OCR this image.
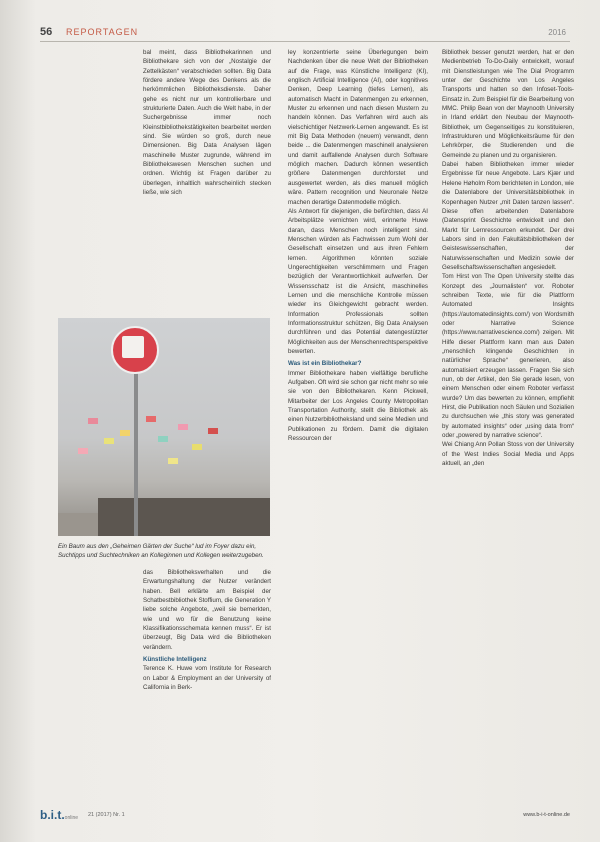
56 REPORTAGEN	2016

bal meint, dass Bibliothekarinnen und Bibliothekare sich von der „Nostalgie der Zettelkästen“ verabschieden sollten. Big Data fördere andere Wege des Denkens als die herkömmlichen Bibliotheksdienste. Daher gehe es nicht nur um kontrollierbare und strukturierte Daten. Auch die Welt habe, in der Suchergebnisse immer noch Kleinstbibliothekstätigkeiten bearbeitet werden sind. Sie würden so groß, durch neue Dimensionen. Big Data Analysen lägen maschinelle Muster zugrunde, während im Bibliothekswesen Menschen suchen und ordnen. Wichtig ist Fragen darüber zu überlegen, inhaltlich wahrscheinlich stecken ließe, wie sich

Ein Baum aus den „Geheimen Gärten der Suche“ lud im Foyer dazu ein, Suchtipps und Suchtechniken an Kolleginnen und Kollegen weiterzugeben.

das Bibliotheksverhalten und die Erwartungshaltung der Nutzer verändert haben. Bell erklärte am Beispiel der Schatbestbibliothek Stoffium, die Generation Y liebe solche Angebote, „weil sie bemerkten, wie und wo für die Benutzung keine Klassifikationsschemata kennen muss“. Er ist überzeugt, Big Data wird die Bibliotheken verändern.

Künstliche Intelligenz

Terence K. Huwe vom Institute for Research on Labor & Employment an der University of California in Berk-

ley konzentrierte seine Überlegungen beim Nachdenken über die neue Welt der Bibliotheken auf die Frage, was Künstliche Intelligenz (KI), englisch Artificial Intelligence (AI), oder kognitives Denken, Deep Learning (tiefes Lernen), als automatisch Macht in Datenmengen zu erkennen, Muster zu erkennen und nach diesen Mustern zu handeln können. Das Verfahren wird auch als vielschichtiger Netzwerk-Lernen angewandt. Es ist mit Big Data Methoden (neuem) verwandt, denn beide ... die Datenmengen maschinell analysieren und damit auffallende Analysen durch Software möglich machen. Dadurch können wesentlich größere Datenmengen durchforstet und ausgewertet werden, als dies manuell möglich wäre. Pattern recognition und Neuronale Netze machen derartige Datenmodelle möglich.

Als Antwort für diejenigen, die befürchten, dass AI Arbeitsplätze vernichten wird, erinnerte Huwe daran, dass Menschen noch intelligent sind. Menschen würden als Fachwissen zum Wohl der Gesellschaft einsetzen und aus ihren Fehlern lernen. Algorithmen könnten soziale Ungerechtigkeiten verschlimmern und Fragen bezüglich der Verantwortlichkeit aufwerfen. Der Wissensschatz ist die Ansicht, maschinelles Lernen und die menschliche Kontrolle müssen wieder ins Gleichgewicht gebracht werden. Information Professionals sollten Informationsstruktur schützen, Big Data Analysen durchführen und das Potential datengestützter Möglichkeiten aus der Menschenrechtsperspektive bewerten.

Was ist ein Bibliothekar?

Immer Bibliothekare haben vielfältige berufliche Aufgaben. Oft wird sie schon gar nicht mehr so wie sie von den Bibliothekaren. Kenn Pickwell, Mitarbeiter der Los Angeles County Metropolitan Transportation Authority, stellt die Bibliothek als einen Nutzerbibliotheksland und seine Medien und Publikationen zu fördern. Damit die digitalen Ressourcen der

Bibliothek besser genutzt werden, hat er den Medienbetrieb To-Do-Daily entwickelt, worauf mit Dienstleistungen wie The Dial Programm unter der Geschichte von Los Angeles Transports und hatten so den Infoset-Tools-Einsatz in. Zum Beispiel für die Bearbeitung von MMC. Philip Bean von der Maynooth University in Irland erklärt den Neubau der Maynooth-Bibliothek, um Gegenseitiges zu konstituieren, Infrastrukturen und Möglichkeitsräume für den Lehrkörper, die Studierenden und die Gemeinde zu planen und zu organisieren.

Dabei haben Bibliotheken immer wieder Ergebnisse für neue Angebote. Lars Kjær und Helene Høholm Rom berichteten in London, wie die Datenlabore der Universitätsbibliothek in Kopenhagen Nutzer „mit Daten tanzen lassen“. Diese offen arbeitenden Datenlabore (Datensprint Geschichte entwickelt und den Markt für Lernressourcen erkundet. Der drei Labors sind in den Fakultätsbibliotheken der Geisteswissenschaften, der Naturwissenschaften und Medizin sowie der Gesellschaftswissenschaften angesiedelt.

Tom Hirst von The Open University stellte das Konzept des „Journalisten“ vor. Roboter schreiben Texte, wie für die Plattform Automated Insights (https://automatedinsights.com/) von Wordsmith oder Narrative Science (https://www.narrativescience.com/) zeigen. Mit Hilfe dieser Plattform kann man aus Daten „menschlich klingende Geschichten in natürlicher Sprache“ generieren, also automatisiert erzeugen lassen. Fragen Sie sich nun, ob der Artikel, den Sie gerade lesen, von einem Menschen oder einem Roboter verfasst wurde? Um das bewerten zu können, empfiehlt Hirst, die Publikation noch Säulen und Sozialien zu durchsuchen wie „this story was generated by automated insights“ oder „using data from“ oder „powered by narrative science“.

Wei Chiang Ann Pollan Stoss von der University of the West Indies Social Media und Apps aktuell, an „den

b.i.t.online 21 (2017) Nr. 1	www.b-i-t-online.de
